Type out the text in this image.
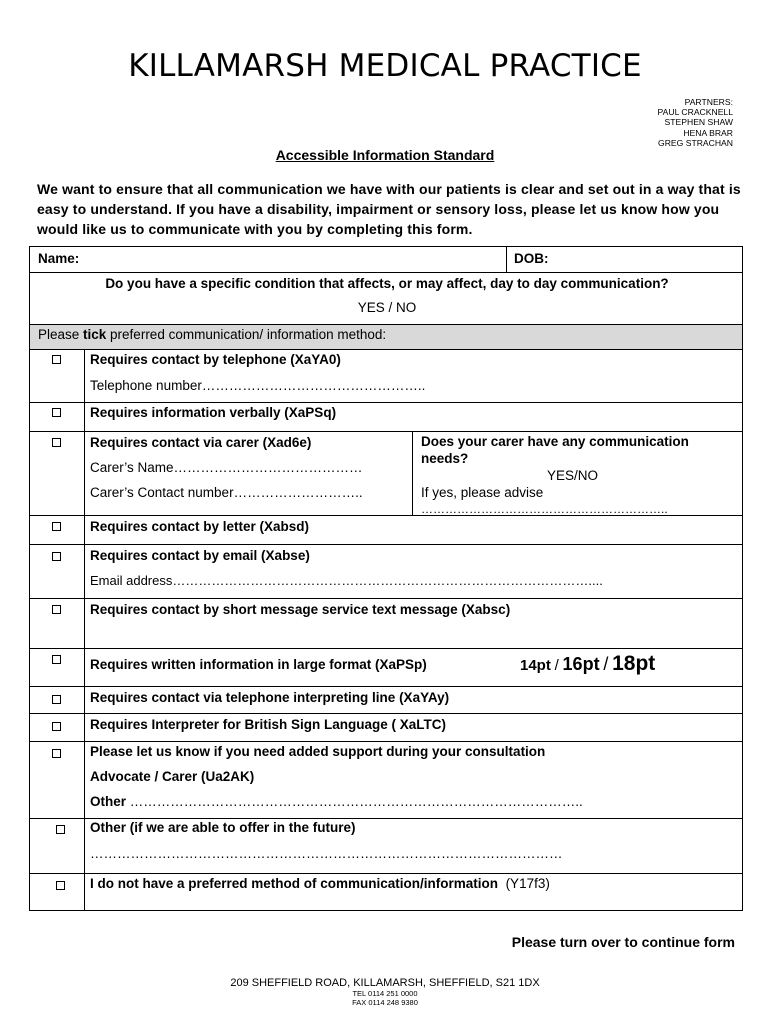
KILLAMARSH MEDICAL PRACTICE
PARTNERS:
PAUL CRACKNELL
STEPHEN SHAW
HENA BRAR
GREG STRACHAN
Accessible Information Standard
We want to ensure that all communication we have with our patients is clear and set out in a way that is easy to understand. If you have a disability, impairment or sensory loss, please let us know how you would like us to communicate with you by completing this form.
Name:	DOB:
Do you have a specific condition that affects, or may affect, day to day communication?
YES / NO
Please tick preferred communication/ information method:
Requires contact by telephone (XaYA0)
Telephone number…………………………………………..
Requires information verbally (XaPSq)
Requires contact via carer (Xad6e)
Carer’s Name……………………………………
Carer’s Contact number………………………..
Does your carer have any communication
needs?
YES/NO
If yes, please advise
……………………………………………………..
Requires contact by letter (Xabsd)
Requires contact by email (Xabse)
Email address……………………………………………………………………………………....
Requires contact by short message service text message (Xabsc)
Requires written information in large format (XaPSp)	14pt / 16pt / 18pt
Requires contact via telephone interpreting line (XaYAy)
Requires Interpreter for British Sign Language ( XaLTC)
Please let us know if you need added support during your consultation
Advocate / Carer (Ua2AK)
Other ………………………………………………………………………………………..
Other (if we are able to offer in the future)
……………………………………………………………………………………………
I do not have a preferred method of communication/information (Y17f3)
Please turn over to continue form
209 SHEFFIELD ROAD, KILLAMARSH, SHEFFIELD, S21 1DX
TEL 0114 251 0000
FAX 0114 248 9380
